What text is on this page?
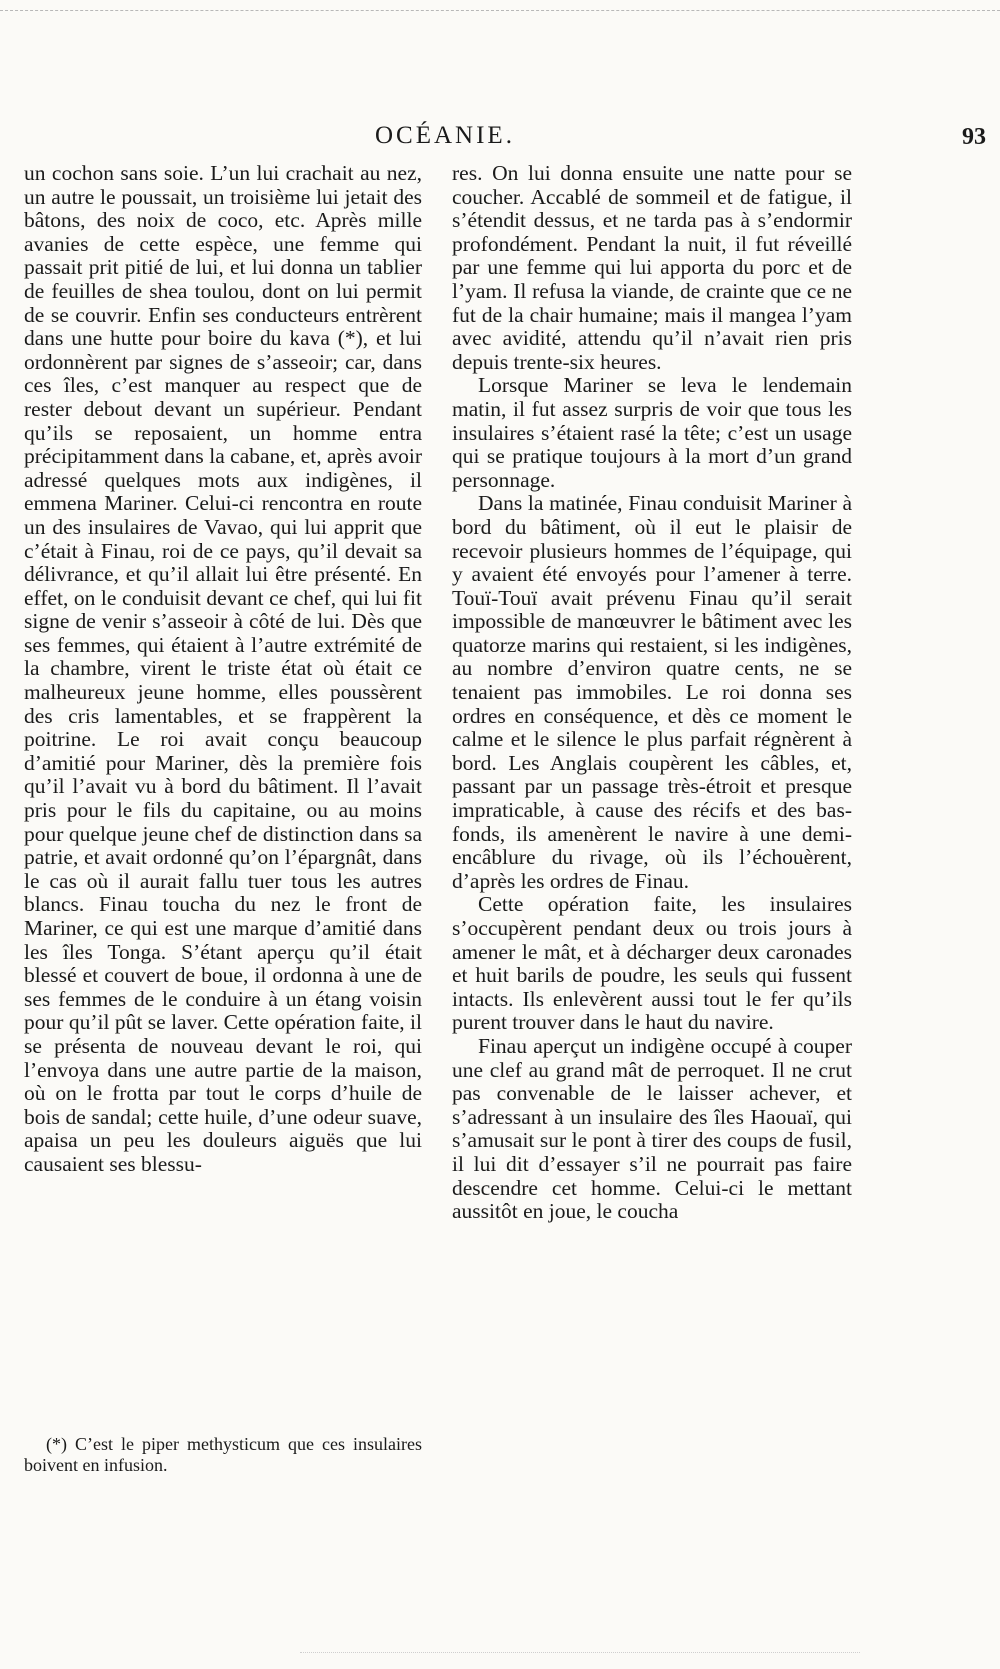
OCÉANIE.	93

un cochon sans soie. L’un lui crachait au nez, un autre le poussait, un troisième lui jetait des bâtons, des noix de coco, etc. Après mille avanies de cette espèce, une femme qui passait prit pitié de lui, et lui donna un tablier de feuilles de shea toulou, dont on lui permit de se couvrir. Enfin ses conducteurs entrèrent dans une hutte pour boire du kava (*), et lui ordonnèrent par signes de s’asseoir; car, dans ces îles, c’est manquer au respect que de rester debout devant un supérieur. Pendant qu’ils se reposaient, un homme entra précipitamment dans la cabane, et, après avoir adressé quelques mots aux indigènes, il emmena Mariner. Celui-ci rencontra en route un des insulaires de Vavao, qui lui apprit que c’était à Finau, roi de ce pays, qu’il devait sa délivrance, et qu’il allait lui être présenté. En effet, on le conduisit devant ce chef, qui lui fit signe de venir s’asseoir à côté de lui. Dès que ses femmes, qui étaient à l’autre extrémité de la chambre, virent le triste état où était ce malheureux jeune homme, elles poussèrent des cris lamentables, et se frappèrent la poitrine. Le roi avait conçu beaucoup d’amitié pour Mariner, dès la première fois qu’il l’avait vu à bord du bâtiment. Il l’avait pris pour le fils du capitaine, ou au moins pour quelque jeune chef de distinction dans sa patrie, et avait ordonné qu’on l’épargnât, dans le cas où il aurait fallu tuer tous les autres blancs. Finau toucha du nez le front de Mariner, ce qui est une marque d’amitié dans les îles Tonga. S’étant aperçu qu’il était blessé et couvert de boue, il ordonna à une de ses femmes de le conduire à un étang voisin pour qu’il pût se laver. Cette opération faite, il se présenta de nouveau devant le roi, qui l’envoya dans une autre partie de la maison, où on le frotta par tout le corps d’huile de bois de sandal; cette huile, d’une odeur suave, apaisa un peu les douleurs aiguës que lui causaient ses blessu-

(*) C’est le piper methysticum que ces insulaires boivent en infusion.

res. On lui donna ensuite une natte pour se coucher. Accablé de sommeil et de fatigue, il s’étendit dessus, et ne tarda pas à s’endormir profondément. Pendant la nuit, il fut réveillé par une femme qui lui apporta du porc et de l’yam. Il refusa la viande, de crainte que ce ne fut de la chair humaine; mais il mangea l’yam avec avidité, attendu qu’il n’avait rien pris depuis trente-six heures.

Lorsque Mariner se leva le lendemain matin, il fut assez surpris de voir que tous les insulaires s’étaient rasé la tête; c’est un usage qui se pratique toujours à la mort d’un grand personnage.

Dans la matinée, Finau conduisit Mariner à bord du bâtiment, où il eut le plaisir de recevoir plusieurs hommes de l’équipage, qui y avaient été envoyés pour l’amener à terre. Touï-Touï avait prévenu Finau qu’il serait impossible de manœuvrer le bâtiment avec les quatorze marins qui restaient, si les indigènes, au nombre d’environ quatre cents, ne se tenaient pas immobiles. Le roi donna ses ordres en conséquence, et dès ce moment le calme et le silence le plus parfait régnèrent à bord. Les Anglais coupèrent les câbles, et, passant par un passage très-étroit et presque impraticable, à cause des récifs et des bas-fonds, ils amenèrent le navire à une demi-encâblure du rivage, où ils l’échouèrent, d’après les ordres de Finau.

Cette opération faite, les insulaires s’occupèrent pendant deux ou trois jours à amener le mât, et à décharger deux caronades et huit barils de poudre, les seuls qui fussent intacts. Ils enlevèrent aussi tout le fer qu’ils purent trouver dans le haut du navire.

Finau aperçut un indigène occupé à couper une clef au grand mât de perroquet. Il ne crut pas convenable de le laisser achever, et s’adressant à un insulaire des îles Haouaï, qui s’amusait sur le pont à tirer des coups de fusil, il lui dit d’essayer s’il ne pourrait pas faire descendre cet homme. Celui-ci le mettant aussitôt en joue, le coucha
